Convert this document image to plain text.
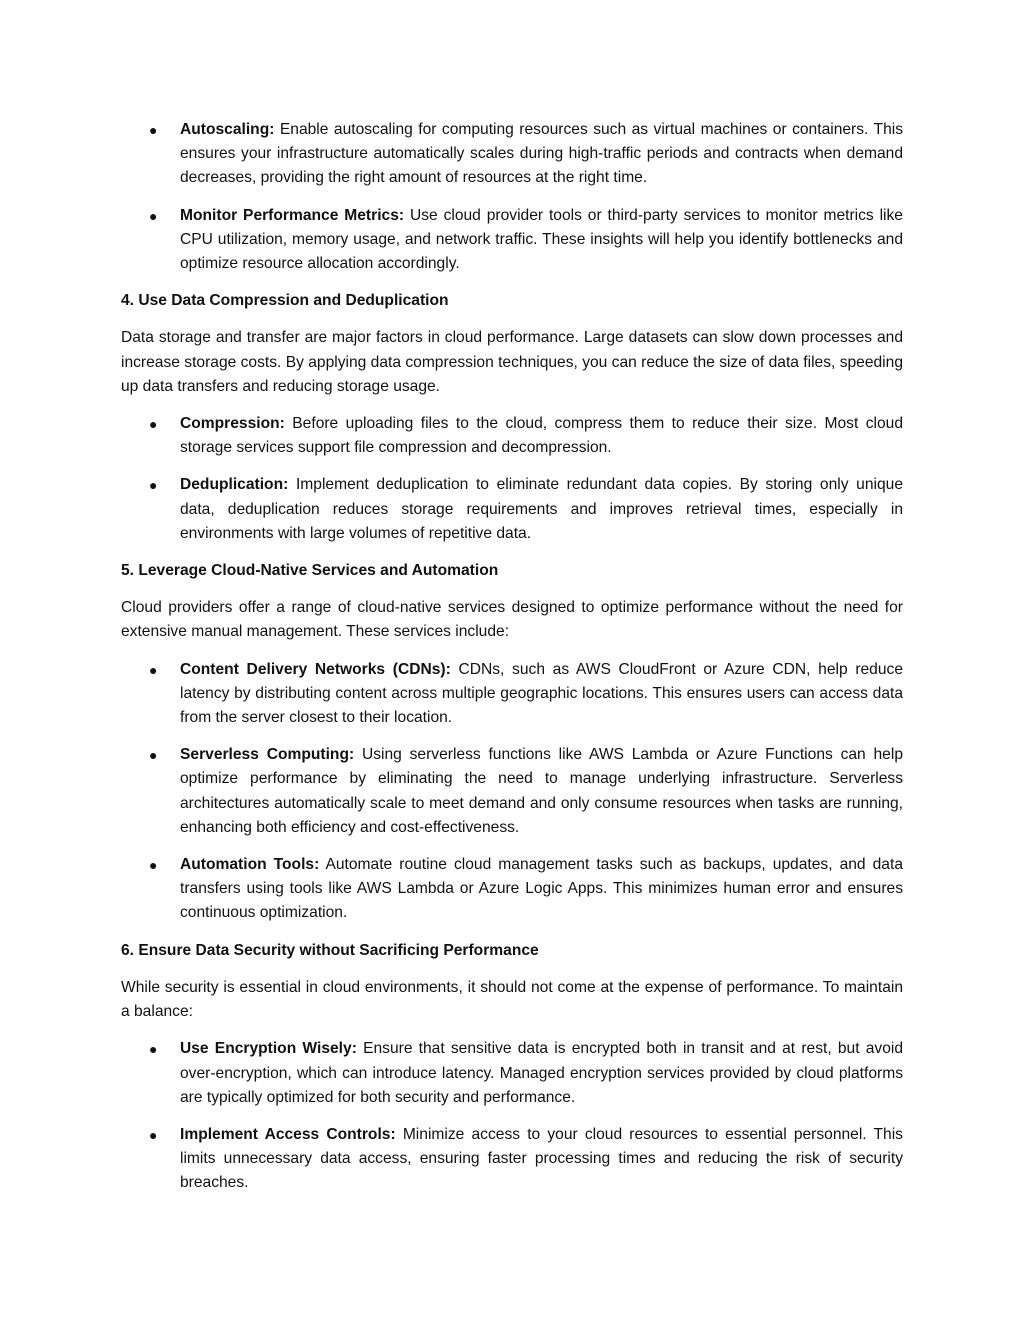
● Autoscaling: Enable autoscaling for computing resources such as virtual machines or containers. This ensures your infrastructure automatically scales during high-traffic periods and contracts when demand decreases, providing the right amount of resources at the right time.
● Monitor Performance Metrics: Use cloud provider tools or third-party services to monitor metrics like CPU utilization, memory usage, and network traffic. These insights will help you identify bottlenecks and optimize resource allocation accordingly.
4. Use Data Compression and Deduplication

Data storage and transfer are major factors in cloud performance. Large datasets can slow down processes and increase storage costs. By applying data compression techniques, you can reduce the size of data files, speeding up data transfers and reducing storage usage.

● Compression: Before uploading files to the cloud, compress them to reduce their size. Most cloud storage services support file compression and decompression.
● Deduplication: Implement deduplication to eliminate redundant data copies. By storing only unique data, deduplication reduces storage requirements and improves retrieval times, especially in environments with large volumes of repetitive data.
5. Leverage Cloud-Native Services and Automation

Cloud providers offer a range of cloud-native services designed to optimize performance without the need for extensive manual management. These services include:

● Content Delivery Networks (CDNs): CDNs, such as AWS CloudFront or Azure CDN, help reduce latency by distributing content across multiple geographic locations. This ensures users can access data from the server closest to their location.
● Serverless Computing: Using serverless functions like AWS Lambda or Azure Functions can help optimize performance by eliminating the need to manage underlying infrastructure. Serverless architectures automatically scale to meet demand and only consume resources when tasks are running, enhancing both efficiency and cost-effectiveness.
● Automation Tools: Automate routine cloud management tasks such as backups, updates, and data transfers using tools like AWS Lambda or Azure Logic Apps. This minimizes human error and ensures continuous optimization.
6. Ensure Data Security without Sacrificing Performance

While security is essential in cloud environments, it should not come at the expense of performance. To maintain a balance:

● Use Encryption Wisely: Ensure that sensitive data is encrypted both in transit and at rest, but avoid over-encryption, which can introduce latency. Managed encryption services provided by cloud platforms are typically optimized for both security and performance.
● Implement Access Controls: Minimize access to your cloud resources to essential personnel. This limits unnecessary data access, ensuring faster processing times and reducing the risk of security breaches.
